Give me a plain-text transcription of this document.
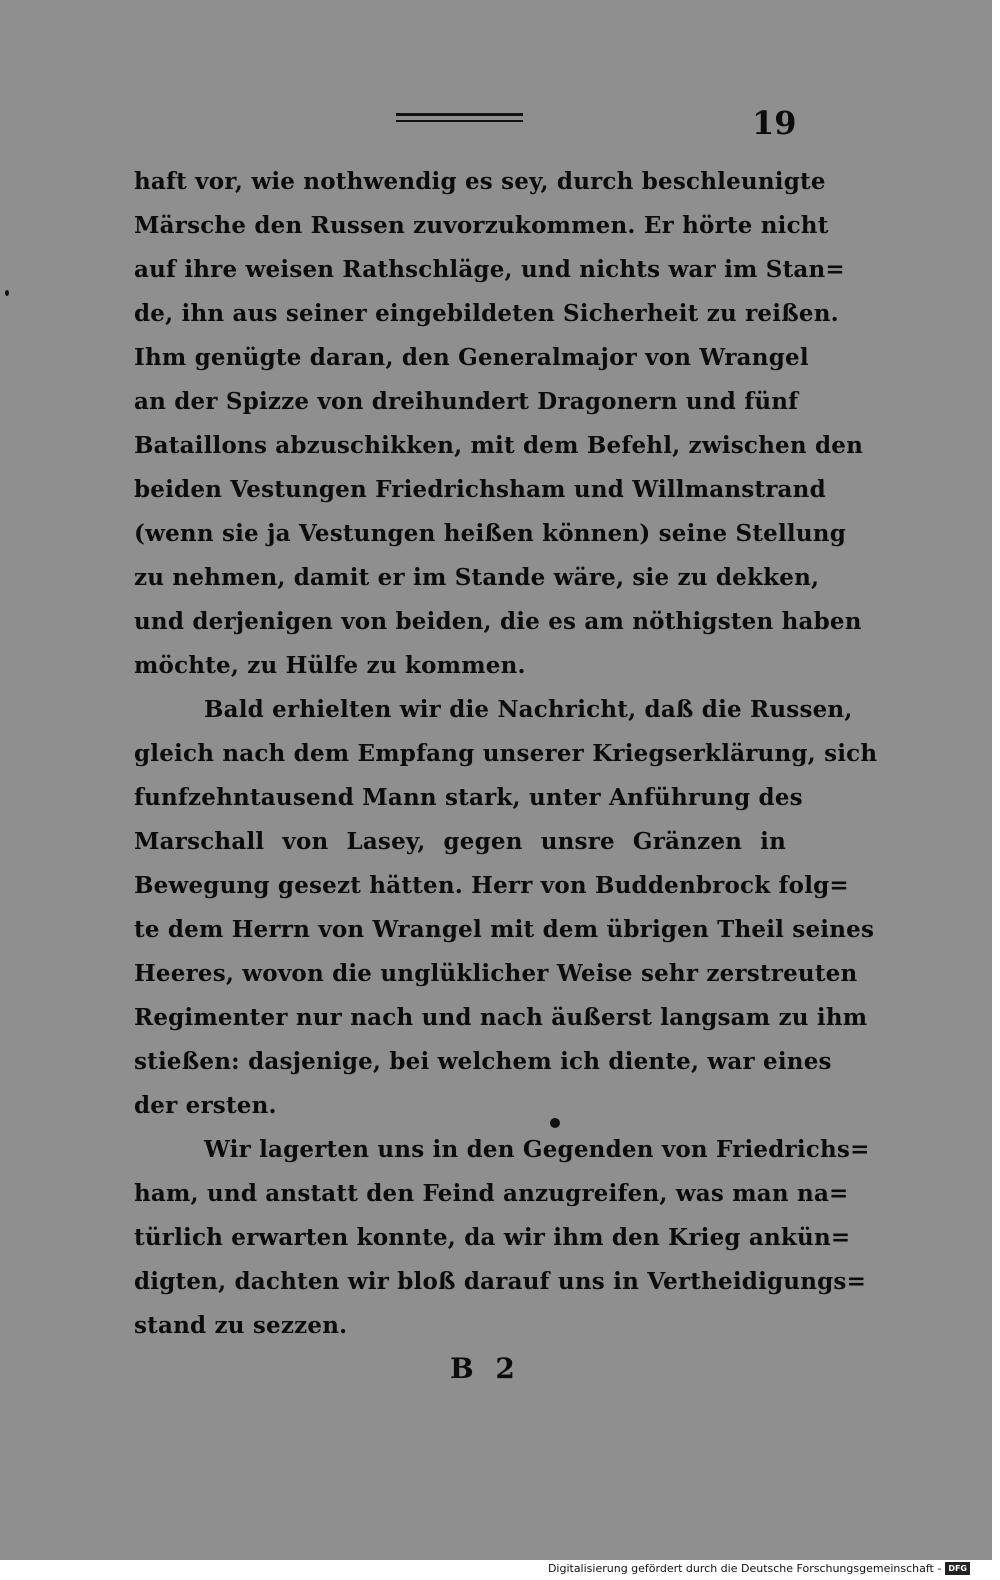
19
haft vor, wie nothwendig es sey, durch beschleunigte
Märsche den Russen zuvorzukommen. Er hörte nicht
auf ihre weisen Rathschläge, und nichts war im Stan=
de, ihn aus seiner eingebildeten Sicherheit zu reißen.
Ihm genügte daran, den Generalmajor von Wrangel
an der Spizze von dreihundert Dragonern und fünf
Bataillons abzuschikken, mit dem Befehl, zwischen den
beiden Vestungen Friedrichsham und Willmanstrand
(wenn sie ja Vestungen heißen können) seine Stellung
zu nehmen, damit er im Stande wäre, sie zu dekken,
und derjenigen von beiden, die es am nöthigsten haben
möchte, zu Hülfe zu kommen.
Bald erhielten wir die Nachricht, daß die Russen,
gleich nach dem Empfang unserer Kriegserklärung, sich
funfzehntausend Mann stark, unter Anführung des
Marschall von Lasey, gegen unsre Gränzen in
Bewegung gesezt hätten. Herr von Buddenbrock folg=
te dem Herrn von Wrangel mit dem übrigen Theil seines
Heeres, wovon die unglüklicher Weise sehr zerstreuten
Regimenter nur nach und nach äußerst langsam zu ihm
stießen: dasjenige, bei welchem ich diente, war eines
der ersten.
Wir lagerten uns in den Gegenden von Friedrichs=
ham, und anstatt den Feind anzugreifen, was man na=
türlich erwarten konnte, da wir ihm den Krieg ankün=
digten, dachten wir bloß darauf uns in Vertheidigungs=
stand zu sezzen.
B 2
Digitalisierung gefördert durch die Deutsche Forschungsgemeinschaft - DFG
